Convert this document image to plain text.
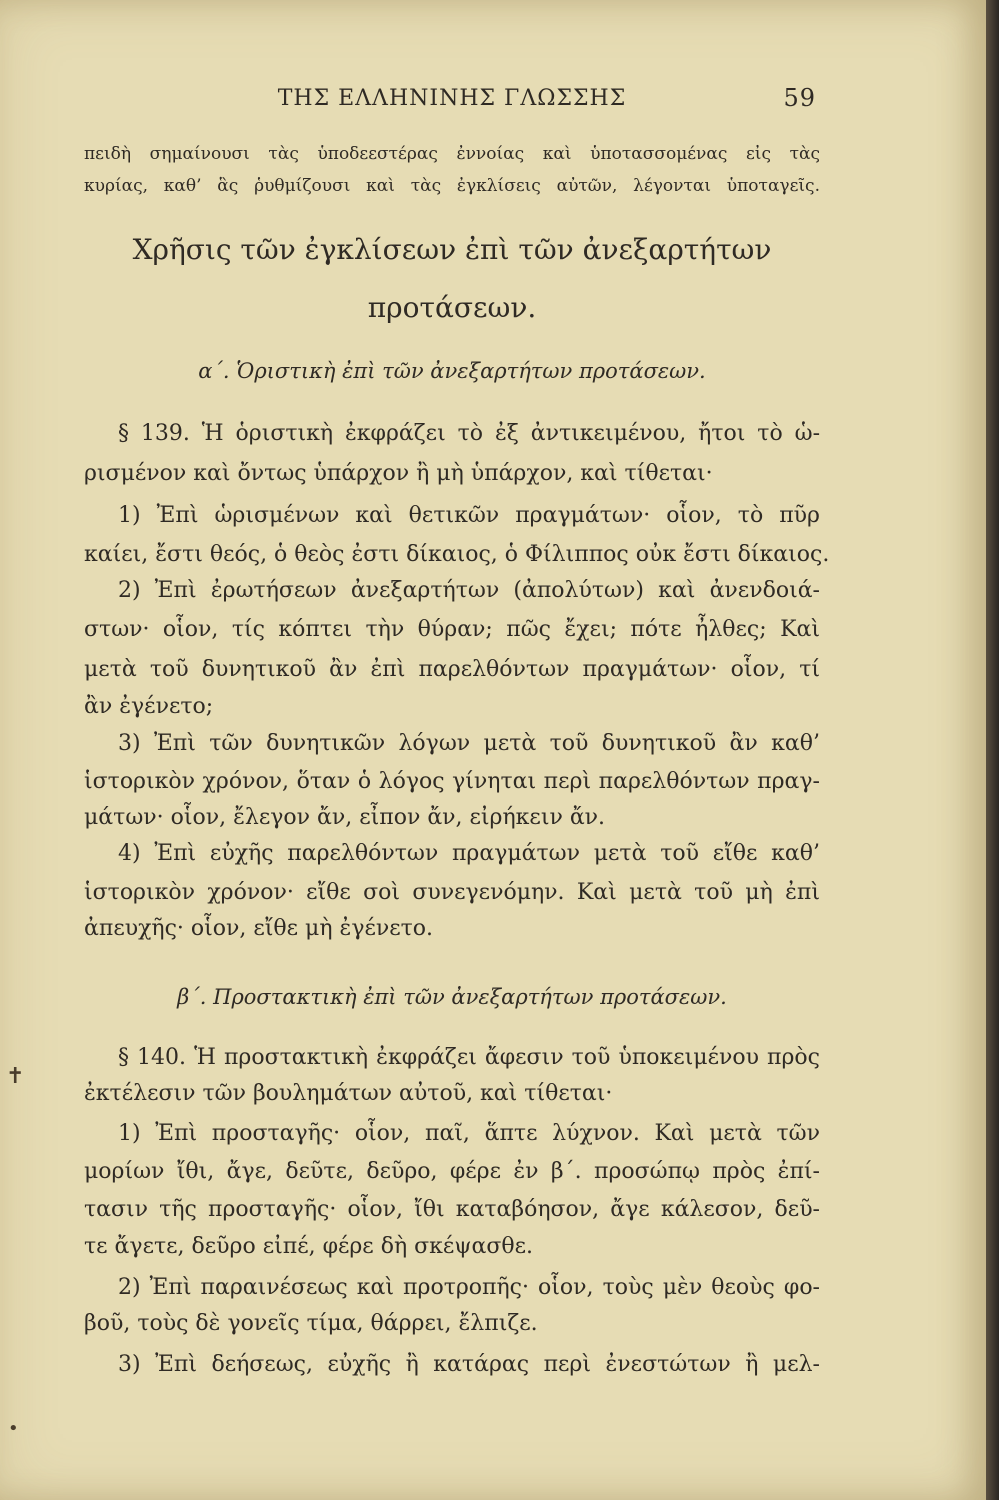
ΤΗΣ ΕΛΛΗΝΙΝΗΣ ΓΛΩΣΣΗΣ	59
πειδὴ σημαίνουσι τὰς ὑποδεεστέρας ἐννοίας καὶ ὑποτασσομένας εἰς τὰς
κυρίας, καθ’ ἃς ῥυθμίζουσι καὶ τὰς ἐγκλίσεις αὐτῶν, λέγονται ὑποταγεῖς.
Χρῆσις τῶν ἐγκλίσεων ἐπὶ τῶν ἀνεξαρτήτων
προτάσεων.
α΄. Ὁριστικὴ ἐπὶ τῶν ἀνεξαρτήτων προτάσεων.
§ 139. Ἡ ὁριστικὴ ἐκφράζει τὸ ἐξ ἀντικειμένου, ἤτοι τὸ ὡ-
ρισμένον καὶ ὄντως ὑπάρχον ἢ μὴ ὑπάρχον, καὶ τίθεται·
1) Ἐπὶ ὡρισμένων καὶ θετικῶν πραγμάτων· οἷον, τὸ πῦρ
καίει, ἔστι θεός, ὁ θεὸς ἐστι δίκαιος, ὁ Φίλιππος οὐκ ἔστι δίκαιος.
2) Ἐπὶ ἐρωτήσεων ἀνεξαρτήτων (ἀπολύτων) καὶ ἀνενδοιά-
στων· οἷον, τίς κόπτει τὴν θύραν; πῶς ἔχει; πότε ἦλθες; Καὶ
μετὰ τοῦ δυνητικοῦ ἂν ἐπὶ παρελθόντων πραγμάτων· οἷον, τί
ἂν ἐγένετο;
3) Ἐπὶ τῶν δυνητικῶν λόγων μετὰ τοῦ δυνητικοῦ ἂν καθ’
ἱστορικὸν χρόνον, ὅταν ὁ λόγος γίνηται περὶ παρελθόντων πραγ-
μάτων· οἷον, ἔλεγον ἄν, εἶπον ἄν, εἰρήκειν ἄν.
4) Ἐπὶ εὐχῆς παρελθόντων πραγμάτων μετὰ τοῦ εἴθε καθ’
ἱστορικὸν χρόνον· εἴθε σοὶ συνεγενόμην. Καὶ μετὰ τοῦ μὴ ἐπὶ
ἀπευχῆς· οἷον, εἴθε μὴ ἐγένετο.
β΄. Προστακτικὴ ἐπὶ τῶν ἀνεξαρτήτων προτάσεων.
§ 140. Ἡ προστακτικὴ ἐκφράζει ἄφεσιν τοῦ ὑποκειμένου πρὸς
ἐκτέλεσιν τῶν βουλημάτων αὐτοῦ, καὶ τίθεται·
1) Ἐπὶ προσταγῆς· οἷον, παῖ, ἅπτε λύχνον. Καὶ μετὰ τῶν
μορίων ἴθι, ἄγε, δεῦτε, δεῦρο, φέρε ἐν β΄. προσώπῳ πρὸς ἐπί-
τασιν τῆς προσταγῆς· οἷον, ἴθι καταβόησον, ἄγε κάλεσον, δεῦ-
τε ἄγετε, δεῦρο εἰπέ, φέρε δὴ σκέψασθε.
2) Ἐπὶ παραινέσεως καὶ προτροπῆς· οἷον, τοὺς μὲν θεοὺς φο-
βοῦ, τοὺς δὲ γονεῖς τίμα, θάρρει, ἔλπιζε.
3) Ἐπὶ δεήσεως, εὐχῆς ἢ κατάρας περὶ ἐνεστώτων ἢ μελ-
✝
•
